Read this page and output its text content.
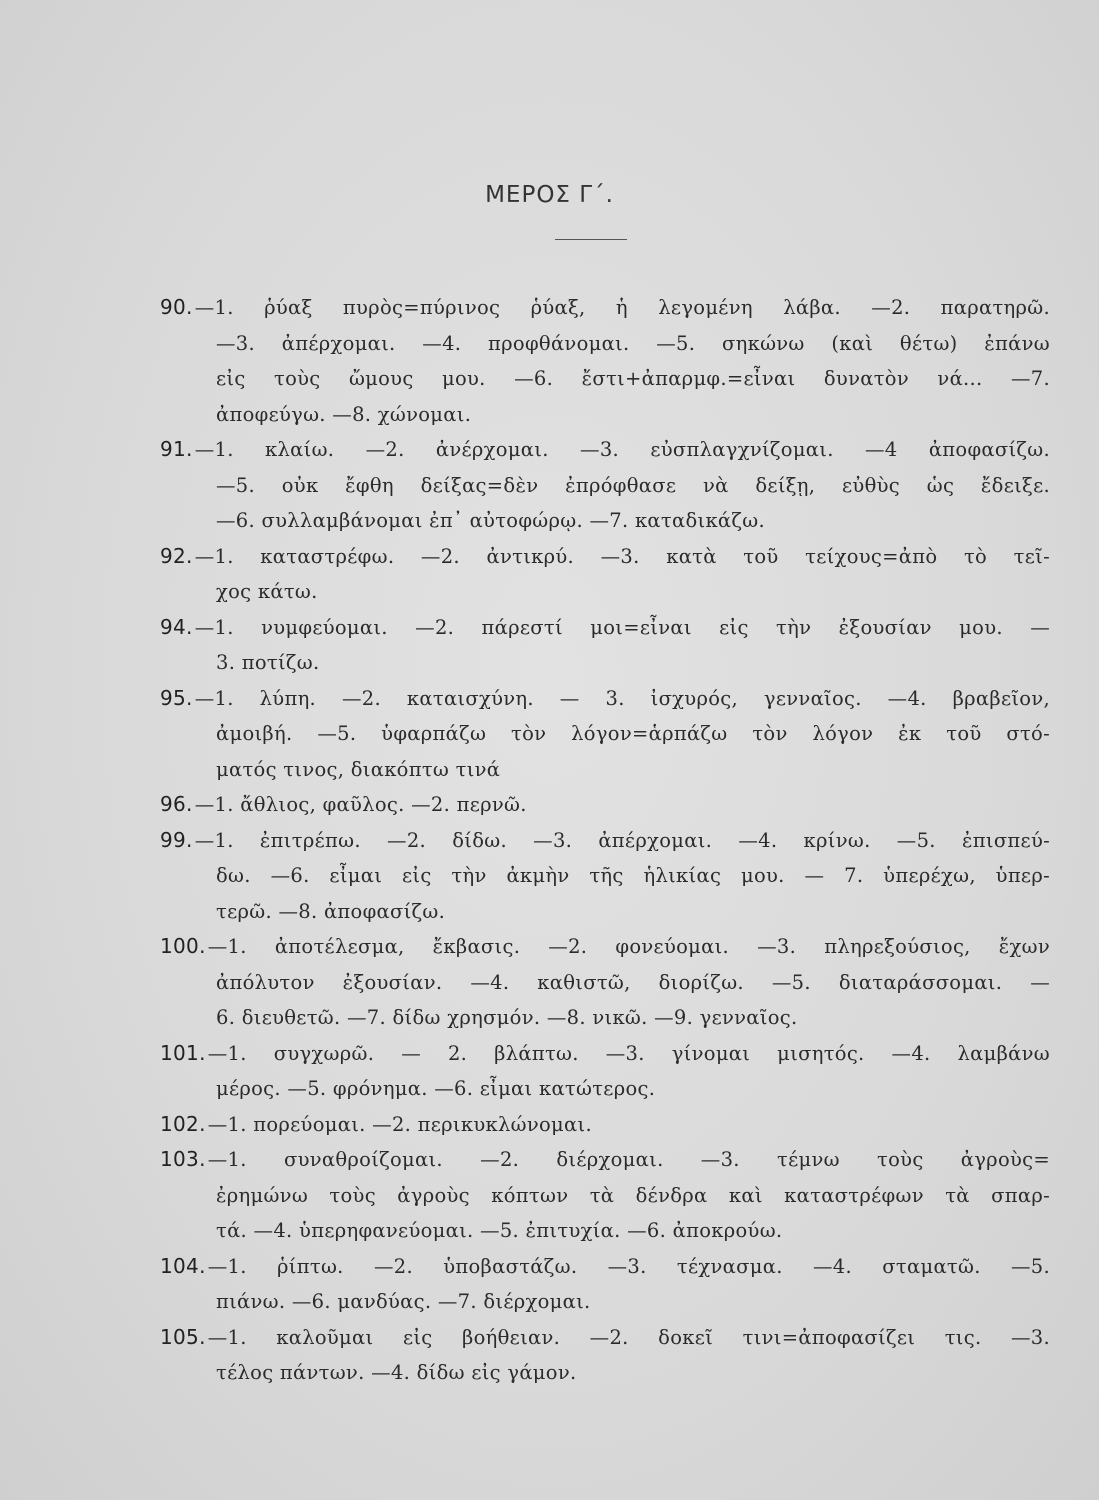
ΜΕΡΟΣ Γ΄.
90. —1. ῥύαξ πυρὸς=πύρινος ῥύαξ, ἡ λεγομένη λάβα. —2. παρατηρῶ.
—3. ἀπέρχομαι. —4. προφθάνομαι. —5. σηκώνω (καὶ θέτω) ἐπάνω
εἰς τοὺς ὤμους μου. —6. ἔστι+ἀπαρμφ.=εἶναι δυνατὸν νά... —7.
ἀποφεύγω. —8. χώνομαι.
91. —1. κλαίω. —2. ἀνέρχομαι. —3. εὐσπλαγχνίζομαι. —4 ἀποφασίζω.
—5. οὐκ ἔφθη δείξας=δὲν ἐπρόφθασε νὰ δείξῃ, εὐθὺς ὡς ἔδειξε.
—6. συλλαμβάνομαι ἐπ᾽ αὐτοφώρῳ. —7. καταδικάζω.
92. —1. καταστρέφω. —2. ἀντικρύ. —3. κατὰ τοῦ τείχους=ἀπὸ τὸ τεῖ-
χος κάτω.
94. —1. νυμφεύομαι. —2. πάρεστί μοι=εἶναι εἰς τὴν ἐξουσίαν μου. —
3. ποτίζω.
95. —1. λύπη. —2. καταισχύνη. — 3. ἰσχυρός, γενναῖος. —4. βραβεῖον,
ἀμοιβή. —5. ὑφαρπάζω τὸν λόγον=ἁρπάζω τὸν λόγον ἐκ τοῦ στό-
ματός τινος, διακόπτω τινά
96. —1. ἄθλιος, φαῦλος. —2. περνῶ.
99. —1. ἐπιτρέπω. —2. δίδω. —3. ἀπέρχομαι. —4. κρίνω. —5. ἐπισπεύ-
δω. —6. εἶμαι εἰς τὴν ἀκμὴν τῆς ἡλικίας μου. — 7. ὑπερέχω, ὑπερ-
τερῶ. —8. ἀποφασίζω.
100. —1. ἀποτέλεσμα, ἔκβασις. —2. φονεύομαι. —3. πληρεξούσιος, ἔχων
ἀπόλυτον ἐξουσίαν. —4. καθιστῶ, διορίζω. —5. διαταράσσομαι. —
6. διευθετῶ. —7. δίδω χρησμόν. —8. νικῶ. —9. γενναῖος.
101. —1. συγχωρῶ. — 2. βλάπτω. —3. γίνομαι μισητός. —4. λαμβάνω
μέρος. —5. φρόνημα. —6. εἶμαι κατώτερος.
102. —1. πορεύομαι. —2. περικυκλώνομαι.
103. —1. συναθροίζομαι. —2. διέρχομαι. —3. τέμνω τοὺς ἀγροὺς=
ἐρημώνω τοὺς ἀγροὺς κόπτων τὰ δένδρα καὶ καταστρέφων τὰ σπαρ-
τά. —4. ὑπερηφανεύομαι. —5. ἐπιτυχία. —6. ἀποκρούω.
104. —1. ῥίπτω. —2. ὑποβαστάζω. —3. τέχνασμα. —4. σταματῶ. —5.
πιάνω. —6. μανδύας. —7. διέρχομαι.
105. —1. καλοῦμαι εἰς βοήθειαν. —2. δοκεῖ τινι=ἀποφασίζει τις. —3.
τέλος πάντων. —4. δίδω εἰς γάμον.
